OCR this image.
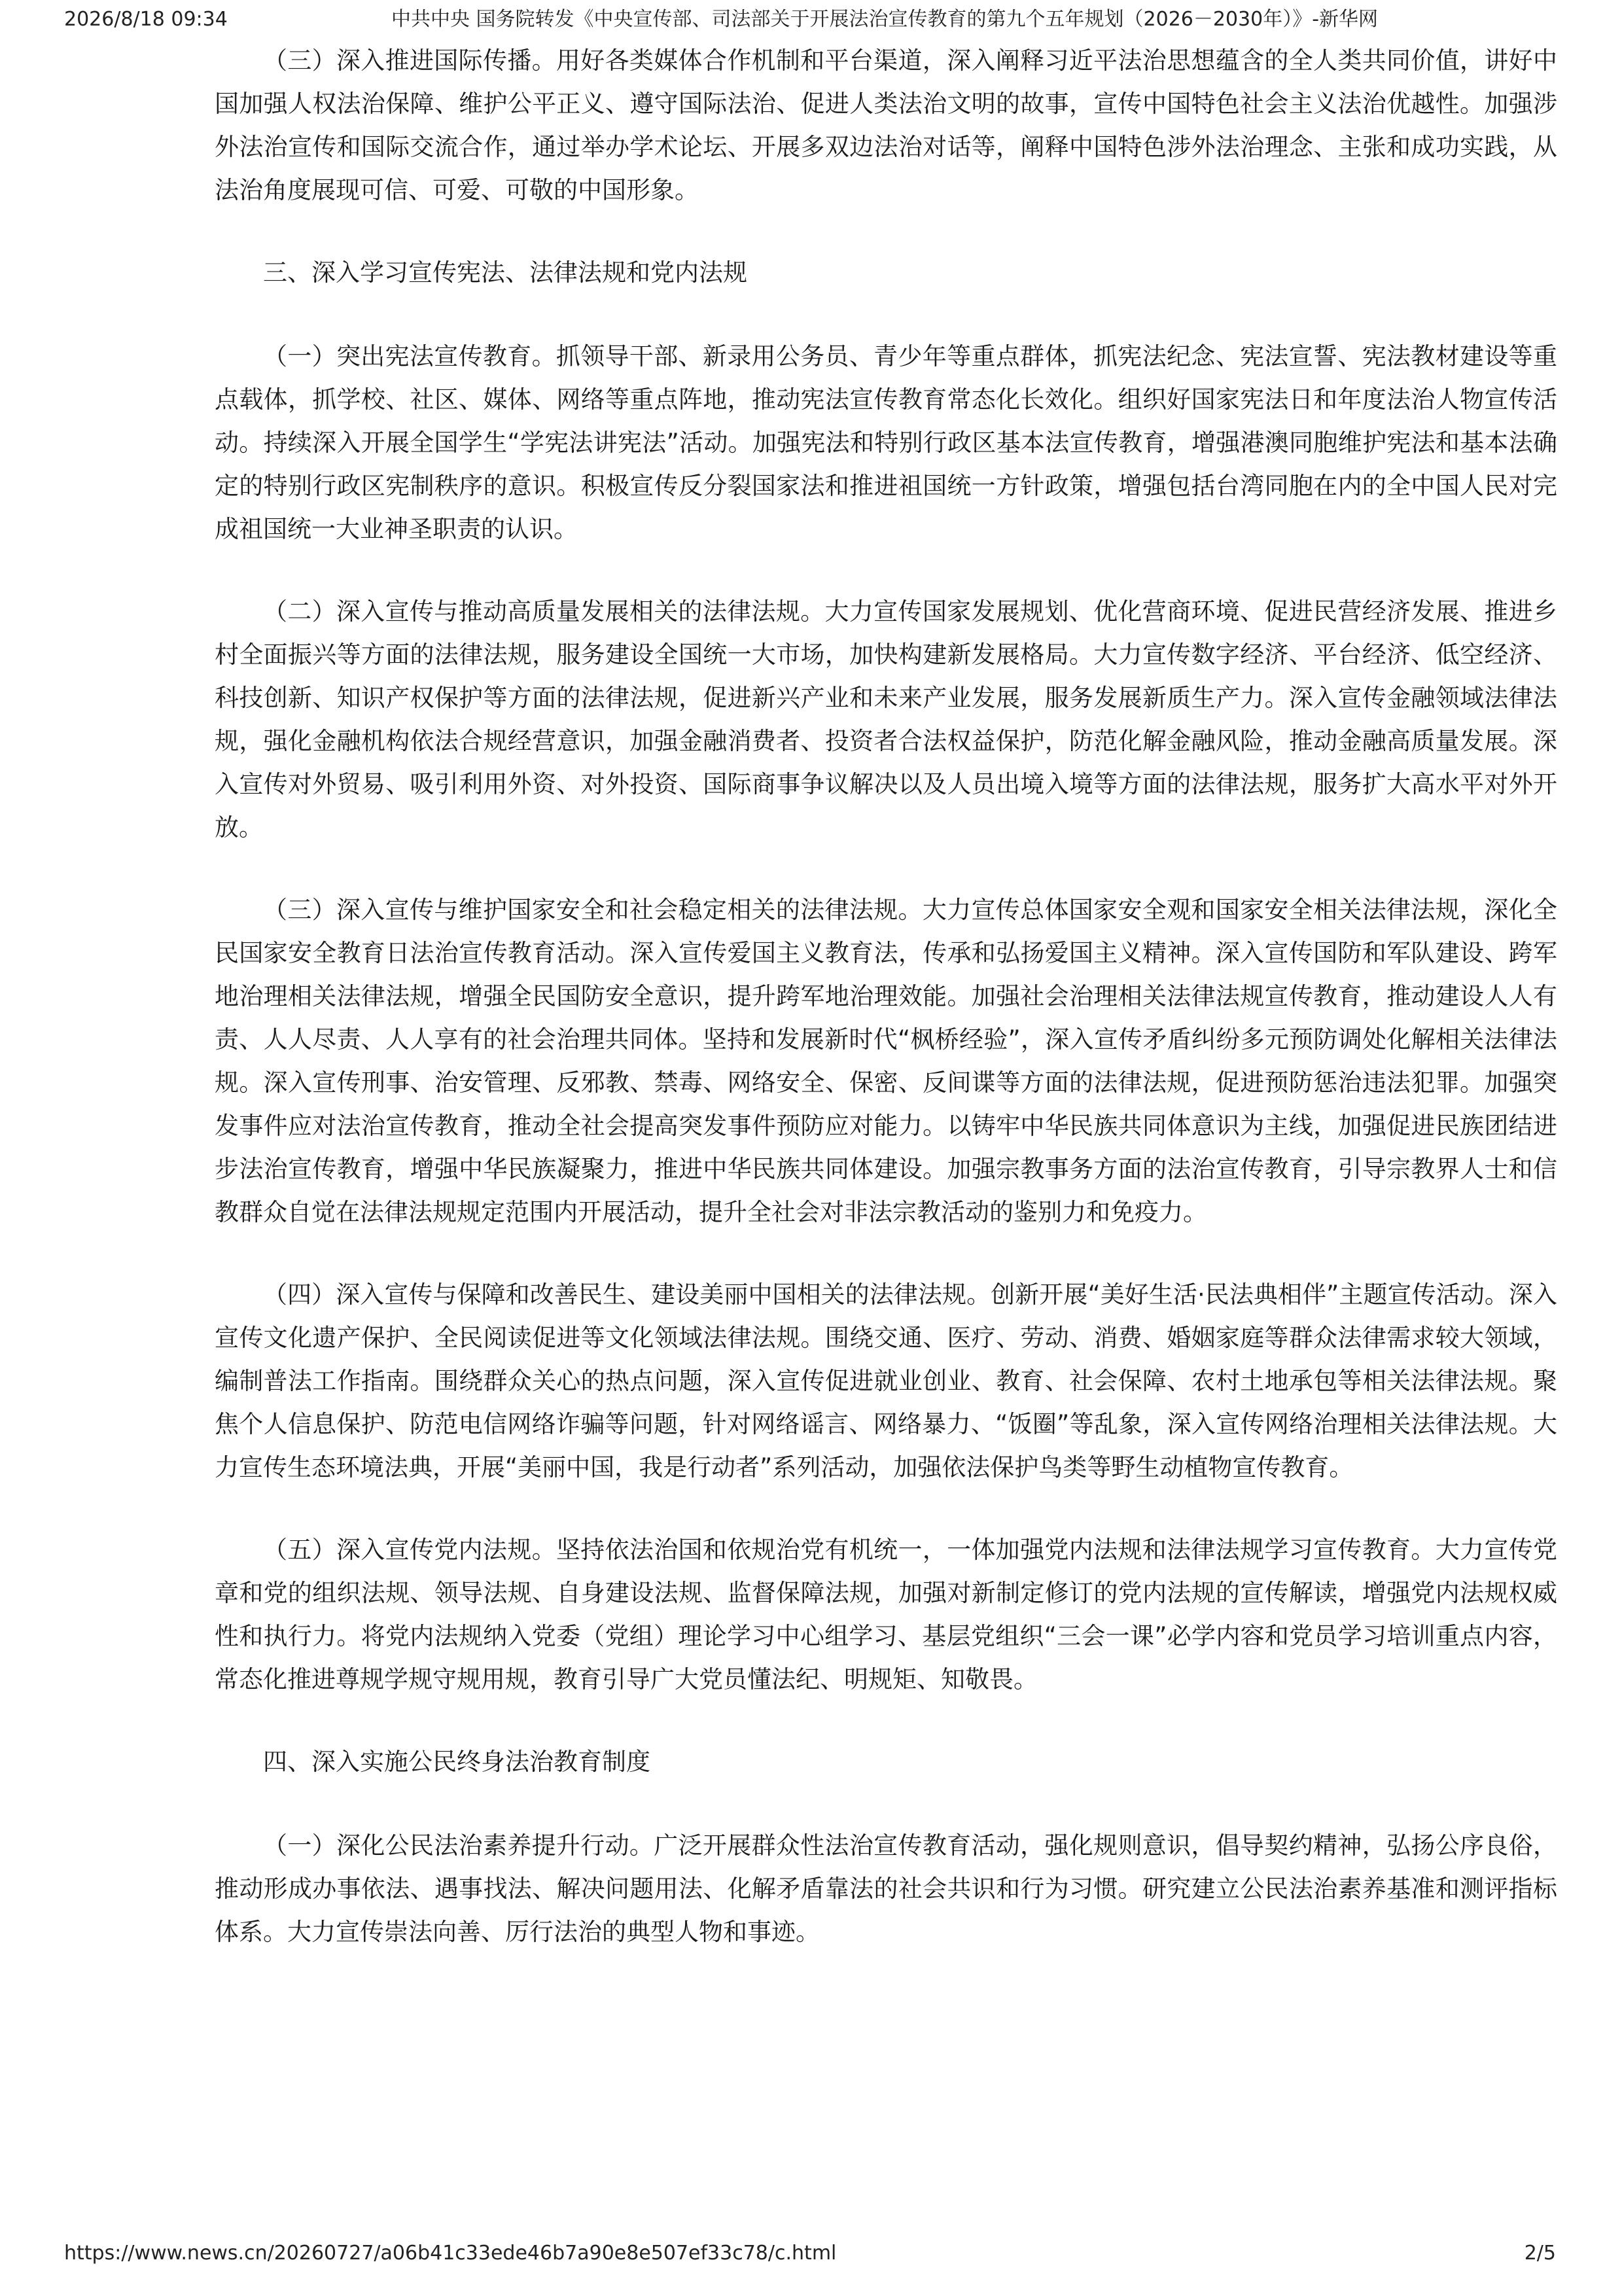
2026/8/18 09:34	中共中央 国务院转发《中央宣传部、司法部关于开展法治宣传教育的第九个五年规划（2026－2030年）》-新华网

（三）深入推进国际传播。用好各类媒体合作机制和平台渠道，深入阐释习近平法治思想蕴含的全人类共同价值，讲好中国加强人权法治保障、维护公平正义、遵守国际法治、促进人类法治文明的故事，宣传中国特色社会主义法治优越性。加强涉外法治宣传和国际交流合作，通过举办学术论坛、开展多双边法治对话等，阐释中国特色涉外法治理念、主张和成功实践，从法治角度展现可信、可爱、可敬的中国形象。

三、深入学习宣传宪法、法律法规和党内法规

（一）突出宪法宣传教育。抓领导干部、新录用公务员、青少年等重点群体，抓宪法纪念、宪法宣誓、宪法教材建设等重点载体，抓学校、社区、媒体、网络等重点阵地，推动宪法宣传教育常态化长效化。组织好国家宪法日和年度法治人物宣传活动。持续深入开展全国学生“学宪法讲宪法”活动。加强宪法和特别行政区基本法宣传教育，增强港澳同胞维护宪法和基本法确定的特别行政区宪制秩序的意识。积极宣传反分裂国家法和推进祖国统一方针政策，增强包括台湾同胞在内的全中国人民对完成祖国统一大业神圣职责的认识。

（二）深入宣传与推动高质量发展相关的法律法规。大力宣传国家发展规划、优化营商环境、促进民营经济发展、推进乡村全面振兴等方面的法律法规，服务建设全国统一大市场，加快构建新发展格局。大力宣传数字经济、平台经济、低空经济、科技创新、知识产权保护等方面的法律法规，促进新兴产业和未来产业发展，服务发展新质生产力。深入宣传金融领域法律法规，强化金融机构依法合规经营意识，加强金融消费者、投资者合法权益保护，防范化解金融风险，推动金融高质量发展。深入宣传对外贸易、吸引利用外资、对外投资、国际商事争议解决以及人员出境入境等方面的法律法规，服务扩大高水平对外开放。

（三）深入宣传与维护国家安全和社会稳定相关的法律法规。大力宣传总体国家安全观和国家安全相关法律法规，深化全民国家安全教育日法治宣传教育活动。深入宣传爱国主义教育法，传承和弘扬爱国主义精神。深入宣传国防和军队建设、跨军地治理相关法律法规，增强全民国防安全意识，提升跨军地治理效能。加强社会治理相关法律法规宣传教育，推动建设人人有责、人人尽责、人人享有的社会治理共同体。坚持和发展新时代“枫桥经验”，深入宣传矛盾纠纷多元预防调处化解相关法律法规。深入宣传刑事、治安管理、反邪教、禁毒、网络安全、保密、反间谍等方面的法律法规，促进预防惩治违法犯罪。加强突发事件应对法治宣传教育，推动全社会提高突发事件预防应对能力。以铸牢中华民族共同体意识为主线，加强促进民族团结进步法治宣传教育，增强中华民族凝聚力，推进中华民族共同体建设。加强宗教事务方面的法治宣传教育，引导宗教界人士和信教群众自觉在法律法规规定范围内开展活动，提升全社会对非法宗教活动的鉴别力和免疫力。

（四）深入宣传与保障和改善民生、建设美丽中国相关的法律法规。创新开展“美好生活·民法典相伴”主题宣传活动。深入宣传文化遗产保护、全民阅读促进等文化领域法律法规。围绕交通、医疗、劳动、消费、婚姻家庭等群众法律需求较大领域，编制普法工作指南。围绕群众关心的热点问题，深入宣传促进就业创业、教育、社会保障、农村土地承包等相关法律法规。聚焦个人信息保护、防范电信网络诈骗等问题，针对网络谣言、网络暴力、“饭圈”等乱象，深入宣传网络治理相关法律法规。大力宣传生态环境法典，开展“美丽中国，我是行动者”系列活动，加强依法保护鸟类等野生动植物宣传教育。

（五）深入宣传党内法规。坚持依法治国和依规治党有机统一，一体加强党内法规和法律法规学习宣传教育。大力宣传党章和党的组织法规、领导法规、自身建设法规、监督保障法规，加强对新制定修订的党内法规的宣传解读，增强党内法规权威性和执行力。将党内法规纳入党委（党组）理论学习中心组学习、基层党组织“三会一课”必学内容和党员学习培训重点内容，常态化推进尊规学规守规用规，教育引导广大党员懂法纪、明规矩、知敬畏。

四、深入实施公民终身法治教育制度

（一）深化公民法治素养提升行动。广泛开展群众性法治宣传教育活动，强化规则意识，倡导契约精神，弘扬公序良俗，推动形成办事依法、遇事找法、解决问题用法、化解矛盾靠法的社会共识和行为习惯。研究建立公民法治素养基准和测评指标体系。大力宣传崇法向善、厉行法治的典型人物和事迹。

https://www.news.cn/20260727/a06b41c33ede46b7a90e8e507ef33c78/c.html	2/5
